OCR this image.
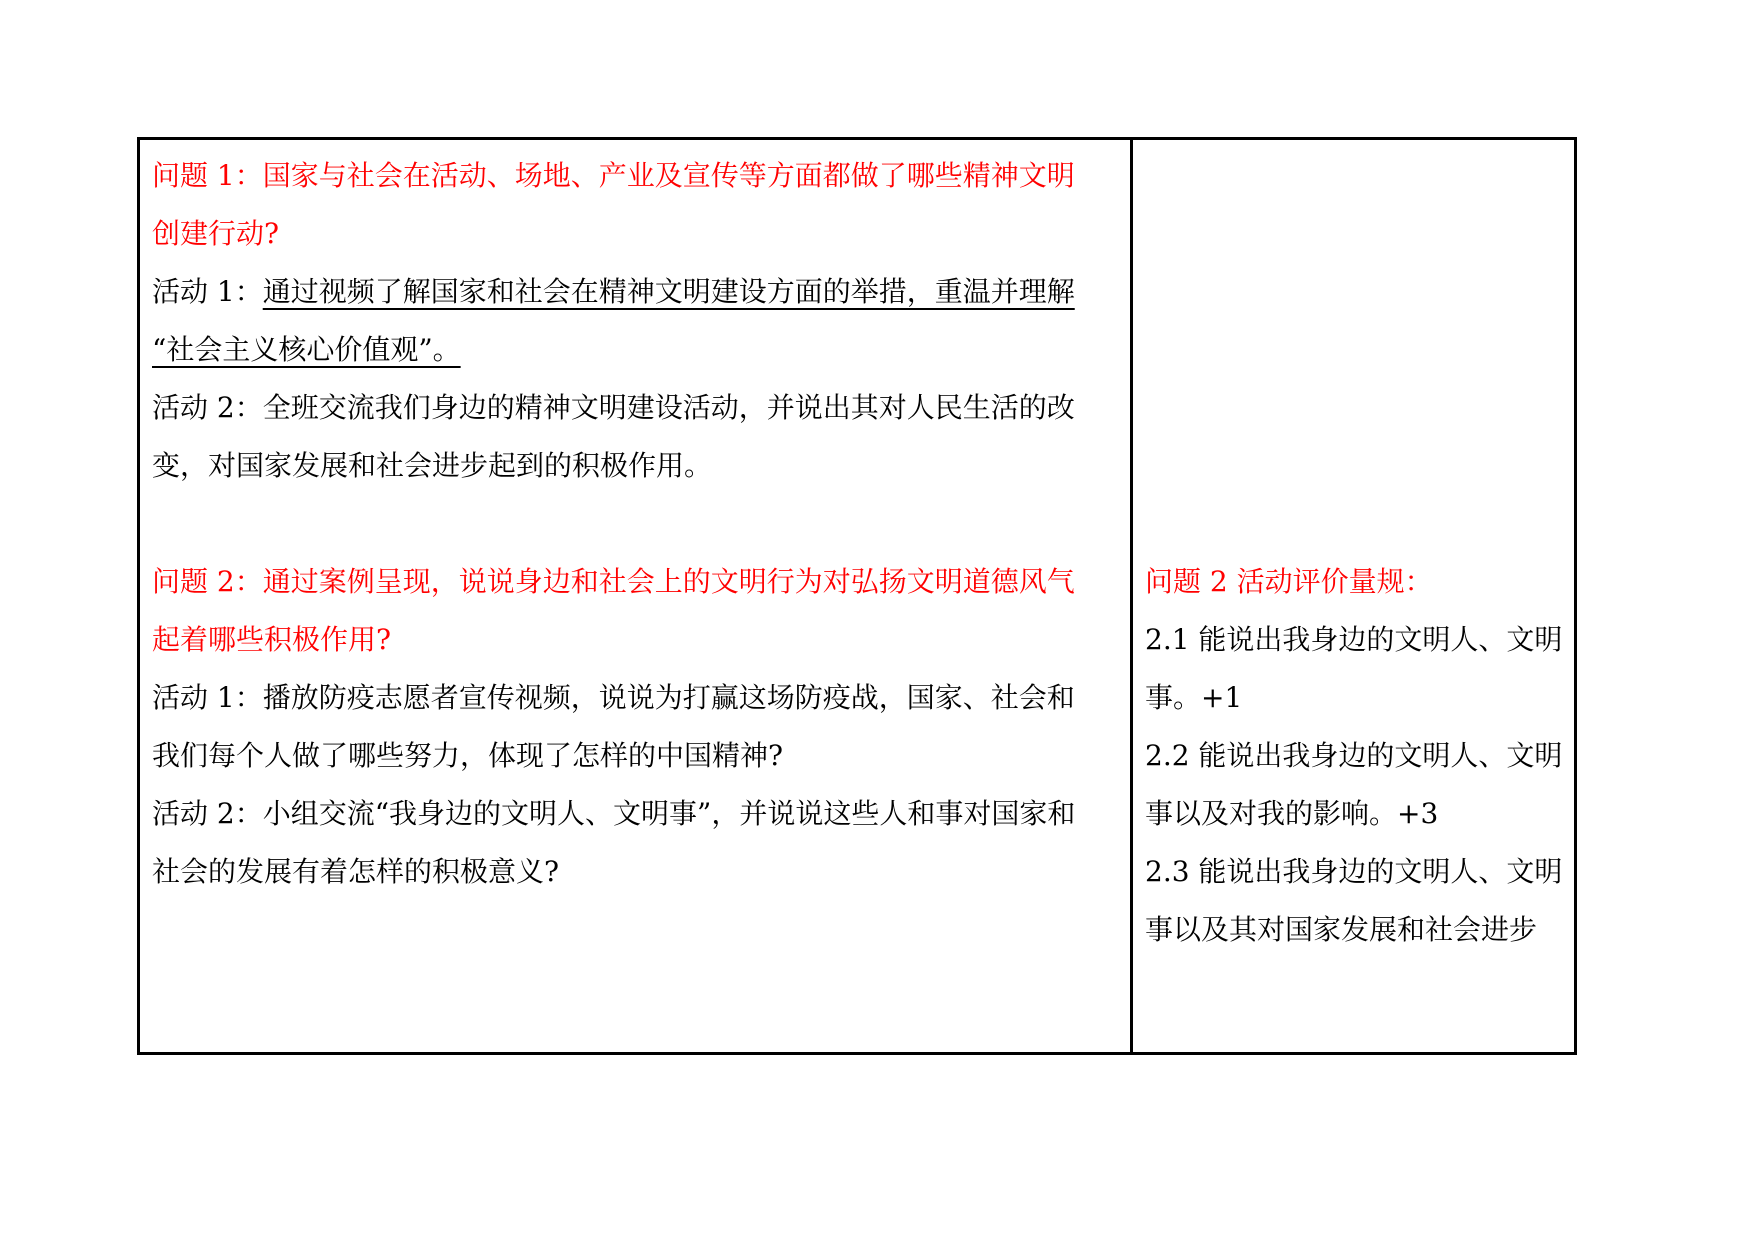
问题 1：国家与社会在活动、场地、产业及宣传等方面都做了哪些精神文明
创建行动?
活动 1：通过视频了解国家和社会在精神文明建设方面的举措，重温并理解
“社会主义核心价值观”。
活动 2：全班交流我们身边的精神文明建设活动，并说出其对人民生活的改
变，对国家发展和社会进步起到的积极作用。
问题 2：通过案例呈现，说说身边和社会上的文明行为对弘扬文明道德风气
起着哪些积极作用?
活动 1：播放防疫志愿者宣传视频，说说为打赢这场防疫战，国家、社会和
我们每个人做了哪些努力，体现了怎样的中国精神?
活动 2：小组交流“我身边的文明人、文明事”，并说说这些人和事对国家和
社会的发展有着怎样的积极意义?
问题 2 活动评价量规：
2.1 能说出我身边的文明人、文明
事。+1
2.2 能说出我身边的文明人、文明
事以及对我的影响。+3
2.3 能说出我身边的文明人、文明
事以及其对国家发展和社会进步
